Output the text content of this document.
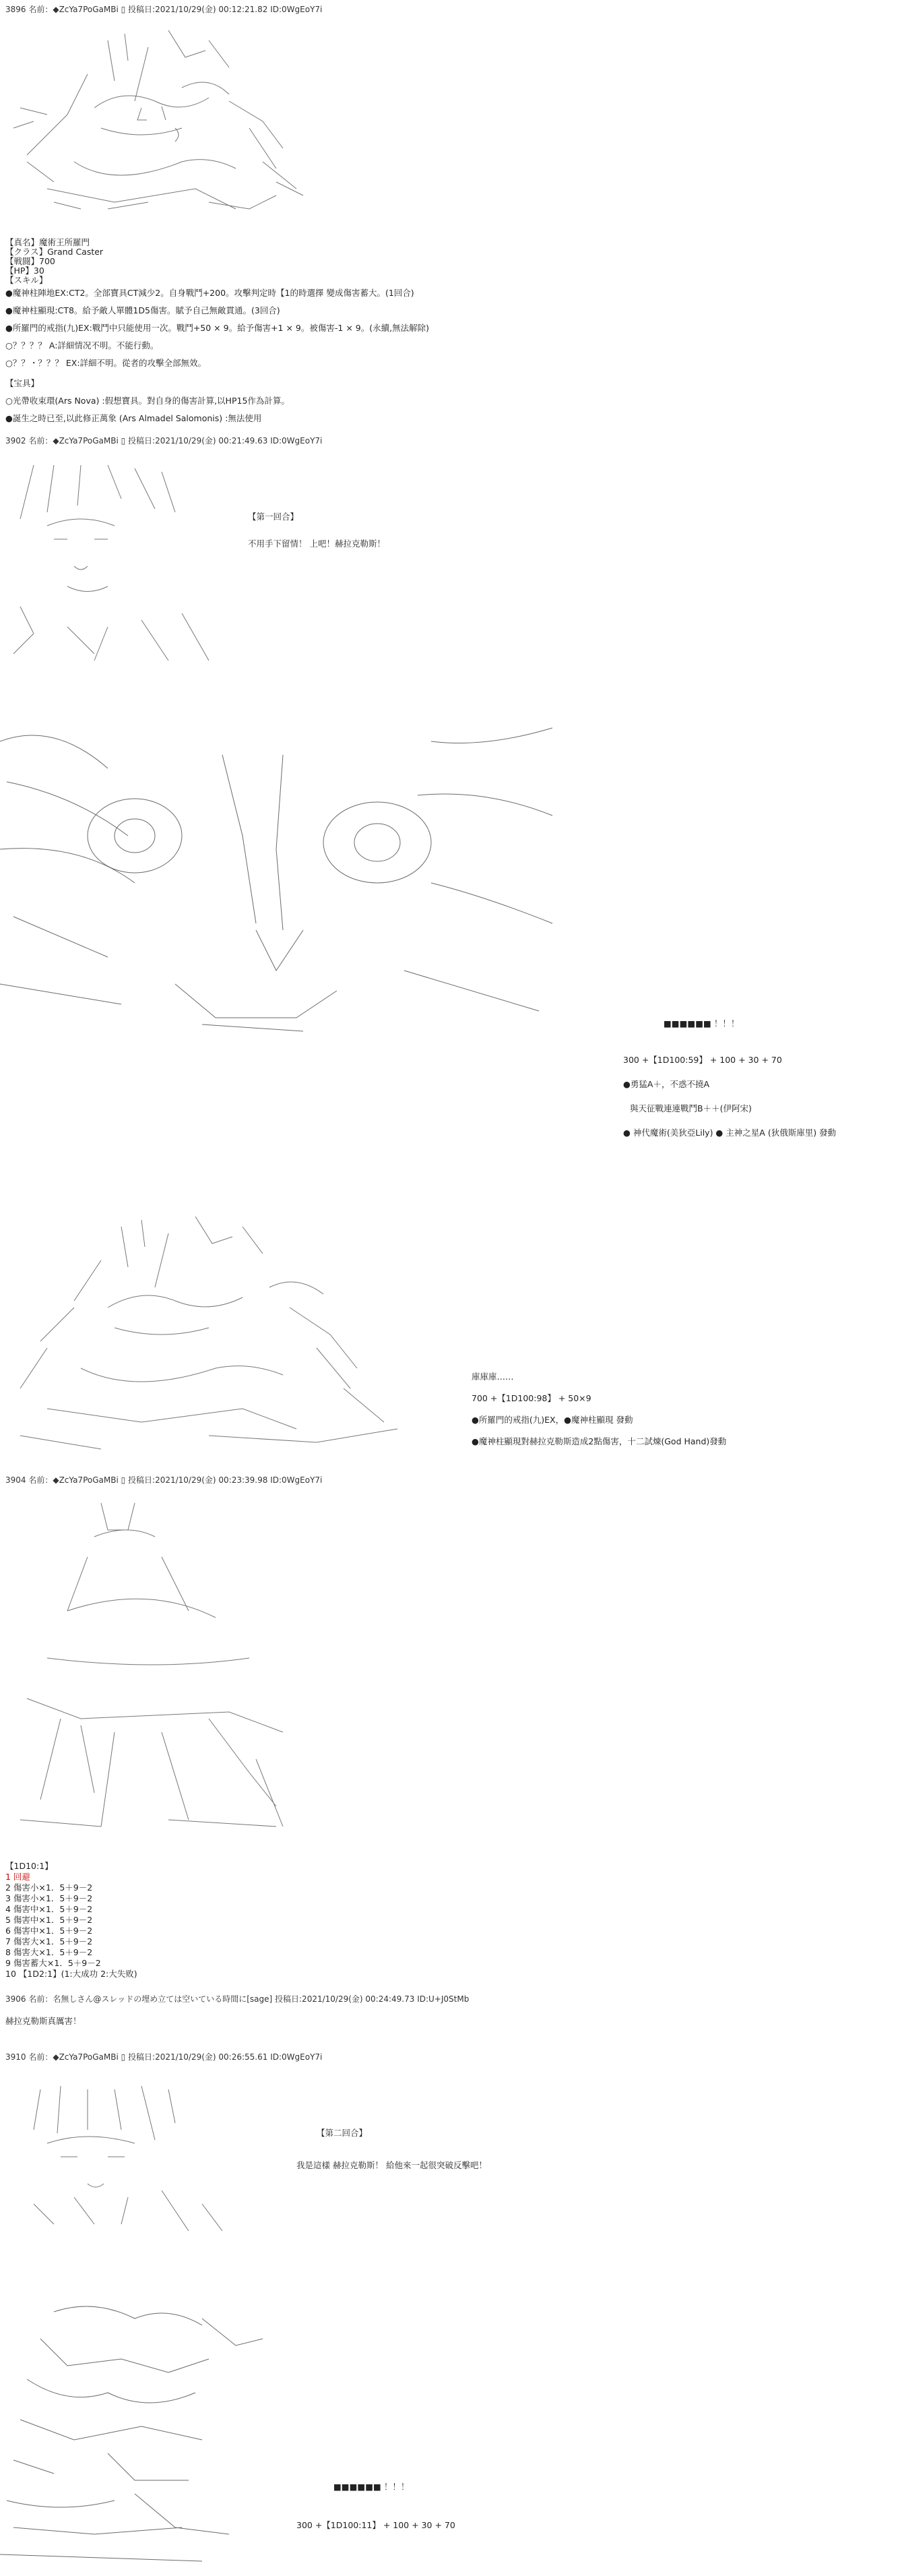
3896 名前：◆ZcYa7PoGaMBi ▯ 投稿日:2021/10/29(金) 00:12:21.82 ID:0WgEoY7i
【真名】魔術王所羅門
【クラス】Grand Caster
【戦闘】700
【HP】30
【スキル】
●魔神柱陣地EX:CT2。全部寶具CT減少2。自身戰鬥+200。攻擊判定時【1的時選擇 變成傷害蓄大。(1回合)
●魔神柱顯現:CT8。給予敵人單體1D5傷害。賦予自己無敵貫通。(3回合)
●所羅門的戒指(九)EX:戰鬥中只能使用一次。戰鬥+50 × 9。給予傷害+1 × 9。被傷害-1 × 9。(永續,無法解除)
○？？？？ A:詳細情况不明。不能行動。
○？？・？？？ EX:詳細不明。從者的攻擊全部無效。
【宝具】
○光帶收束環(Ars Nova) :假想寶具。對自身的傷害計算,以HP15作為計算。
●誕生之時已至,以此修正萬象 (Ars Almadel Salomonis) :無法使用
3902 名前：◆ZcYa7PoGaMBi ▯ 投稿日:2021/10/29(金) 00:21:49.63 ID:0WgEoY7i
【第一回合】
不用手下留情！ 上吧！赫拉克勒斯！
■■■■■■ ！！！
300 +【1D100:59】 + 100 + 30 + 70
●勇猛A＋，不惑不撓A
與天征戰連連戰鬥B＋＋(伊阿宋)
● 神代魔術(美狄亞Lily) ● 主神之星A (狄俄斯庫里) 發動
庫庫庫……
700 +【1D100:98】 + 50×9
●所羅門的戒指(九)EX，●魔神柱顯現 發動
●魔神柱顯現對赫拉克勒斯造成2點傷害，十二試煉(God Hand)發動
3904 名前：◆ZcYa7PoGaMBi ▯ 投稿日:2021/10/29(金) 00:23:39.98 ID:0WgEoY7i
【1D10:1】
1 回避
2 傷害小×1．5＋9－2
3 傷害小×1．5＋9－2
4 傷害中×1．5＋9－2
5 傷害中×1．5＋9－2
6 傷害中×1．5＋9－2
7 傷害大×1．5＋9－2
8 傷害大×1．5＋9－2
9 傷害蓄大×1．5＋9－2
10 【1D2:1】(1:大成功 2:大失败)
3906 名前：名無しさん@スレッドの埋め立ては空いている時間に[sage] 投稿日:2021/10/29(金) 00:24:49.73 ID:U+J0StMb
赫拉克勒斯真厲害！
3910 名前：◆ZcYa7PoGaMBi ▯ 投稿日:2021/10/29(金) 00:26:55.61 ID:0WgEoY7i
【第二回合】
我是這樣 赫拉克勒斯！ 給他來一起很突破反擊吧！
■■■■■■ ！！！
300 +【1D100:11】 + 100 + 30 + 70
